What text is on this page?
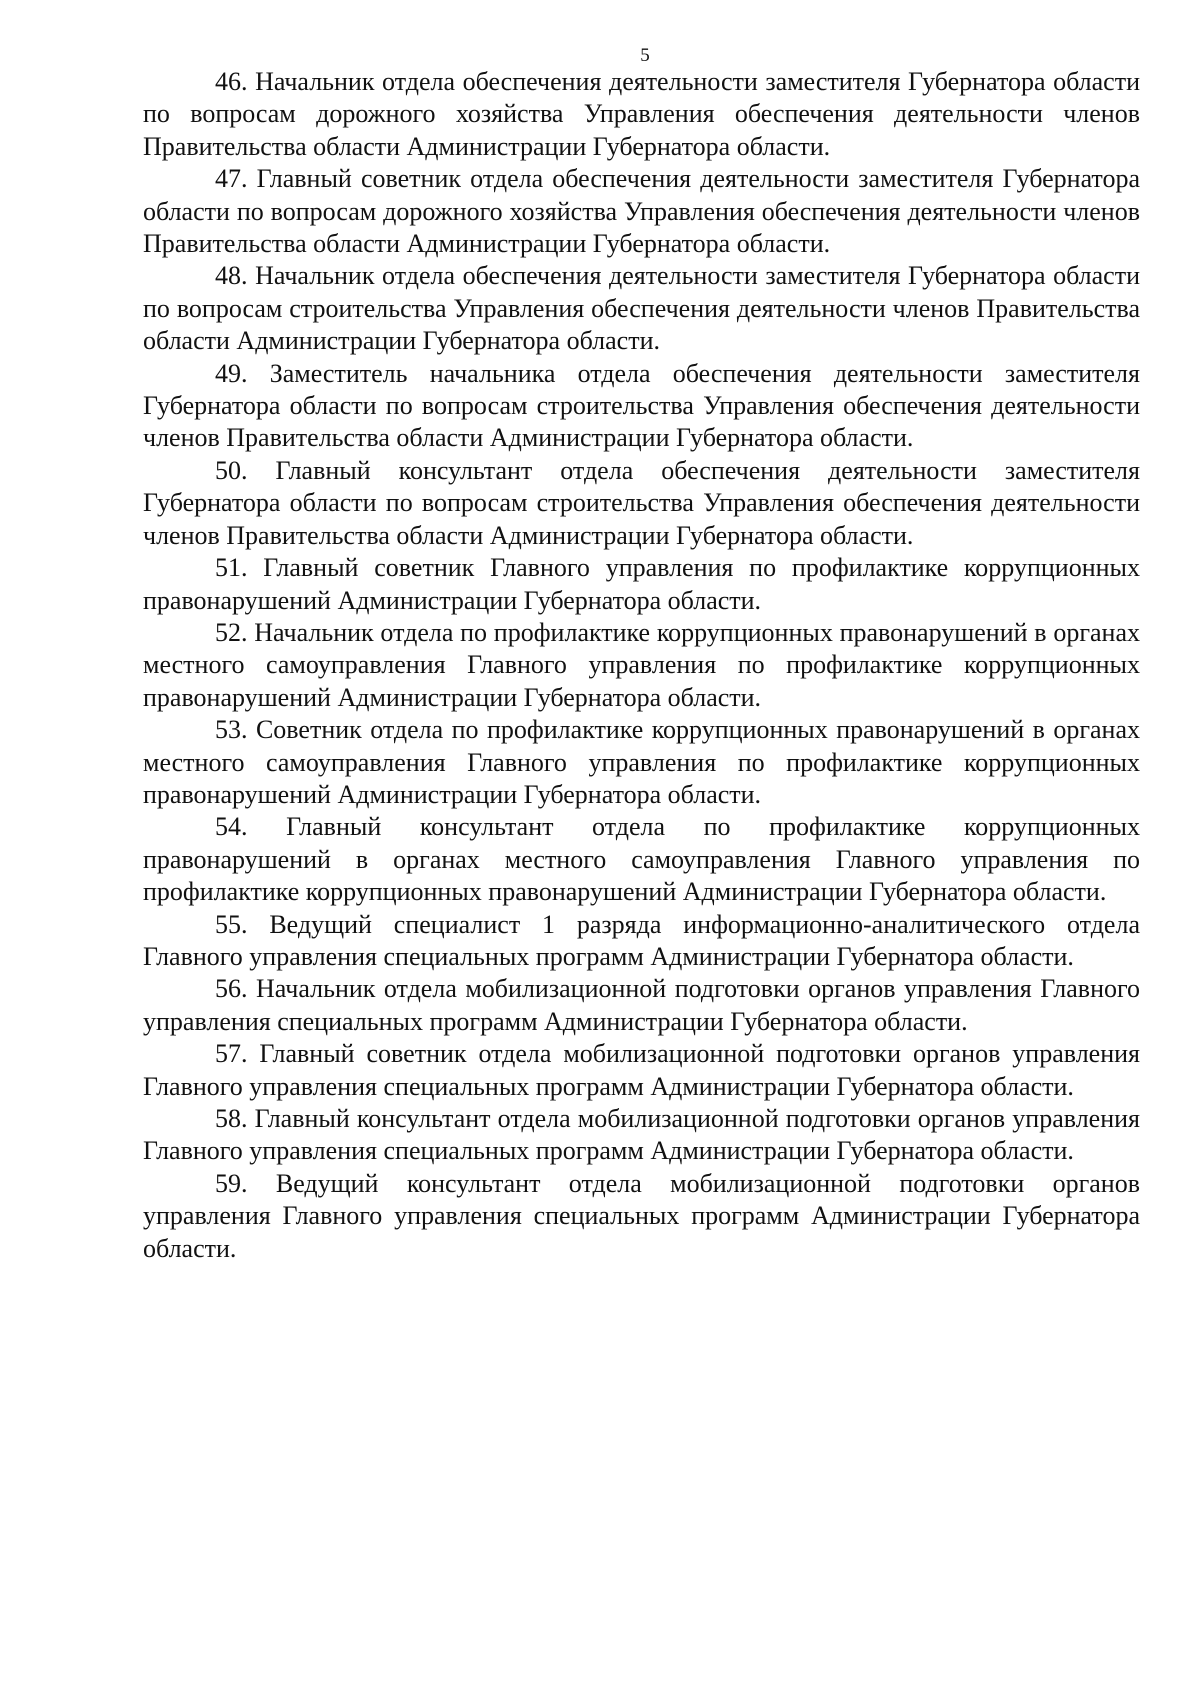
5

46. Начальник отдела обеспечения деятельности заместителя Губернатора области по вопросам дорожного хозяйства Управления обеспечения деятельности членов Правительства области Администрации Губернатора области.

47. Главный советник отдела обеспечения деятельности заместителя Губернатора области по вопросам дорожного хозяйства Управления обеспечения деятельности членов Правительства области Администрации Губернатора области.

48. Начальник отдела обеспечения деятельности заместителя Губернатора области по вопросам строительства Управления обеспечения деятельности членов Правительства области Администрации Губернатора области.

49. Заместитель начальника отдела обеспечения деятельности заместителя Губернатора области по вопросам строительства Управления обеспечения деятельности членов Правительства области Администрации Губернатора области.

50. Главный консультант отдела обеспечения деятельности заместителя Губернатора области по вопросам строительства Управления обеспечения деятельности членов Правительства области Администрации Губернатора области.

51. Главный советник Главного управления по профилактике коррупционных правонарушений Администрации Губернатора области.

52. Начальник отдела по профилактике коррупционных правонарушений в органах местного самоуправления Главного управления по профилактике коррупционных правонарушений Администрации Губернатора области.

53. Советник отдела по профилактике коррупционных правонарушений в органах местного самоуправления Главного управления по профилактике коррупционных правонарушений Администрации Губернатора области.

54. Главный консультант отдела по профилактике коррупционных правонарушений в органах местного самоуправления Главного управления по профилактике коррупционных правонарушений Администрации Губернатора области.

55. Ведущий специалист 1 разряда информационно-аналитического отдела Главного управления специальных программ Администрации Губернатора области.

56. Начальник отдела мобилизационной подготовки органов управления Главного управления специальных программ Администрации Губернатора области.

57. Главный советник отдела мобилизационной подготовки органов управления Главного управления специальных программ Администрации Губернатора области.

58. Главный консультант отдела мобилизационной подготовки органов управления Главного управления специальных программ Администрации Губернатора области.

59. Ведущий консультант отдела мобилизационной подготовки органов управления Главного управления специальных программ Администрации Губернатора области.
